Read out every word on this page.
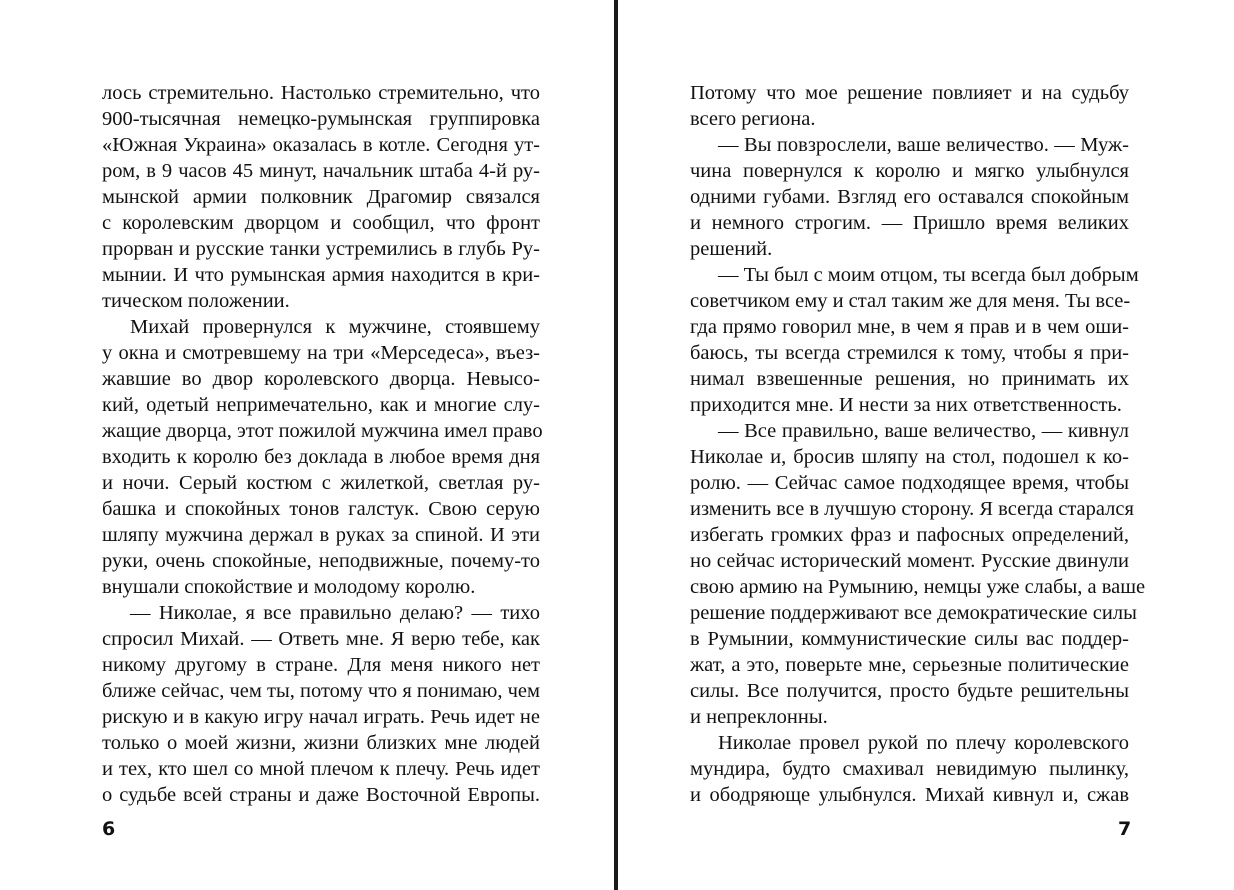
лось стремительно. Настолько стремительно, что
900-тысячная немецко-румынская группировка
«Южная Украина» оказалась в котле. Сегодня ут-
ром, в 9 часов 45 минут, начальник штаба 4-й ру-
мынской армии полковник Драгомир связался
с королевским дворцом и сообщил, что фронт
прорван и русские танки устремились в глубь Ру-
мынии. И что румынская армия находится в кри-
тическом положении.
Михай провернулся к мужчине, стоявшему
у окна и смотревшему на три «Мерседеса», въез-
жавшие во двор королевского дворца. Невысо-
кий, одетый непримечательно, как и многие слу-
жащие дворца, этот пожилой мужчина имел право
входить к королю без доклада в любое время дня
и ночи. Серый костюм с жилеткой, светлая ру-
башка и спокойных тонов галстук. Свою серую
шляпу мужчина держал в руках за спиной. И эти
руки, очень спокойные, неподвижные, почему-то
внушали спокойствие и молодому королю.
— Николае, я все правильно делаю? — тихо
спросил Михай. — Ответь мне. Я верю тебе, как
никому другому в стране. Для меня никого нет
ближе сейчас, чем ты, потому что я понимаю, чем
рискую и в какую игру начал играть. Речь идет не
только о моей жизни, жизни близких мне людей
и тех, кто шел со мной плечом к плечу. Речь идет
о судьбе всей страны и даже Восточной Европы.
6
Потому что мое решение повлияет и на судьбу
всего региона.
— Вы повзрослели, ваше величество. — Муж-
чина повернулся к королю и мягко улыбнулся
одними губами. Взгляд его оставался спокойным
и немного строгим. — Пришло время великих
решений.
— Ты был с моим отцом, ты всегда был добрым
советчиком ему и стал таким же для меня. Ты все-
гда прямо говорил мне, в чем я прав и в чем оши-
баюсь, ты всегда стремился к тому, чтобы я при-
нимал взвешенные решения, но принимать их
приходится мне. И нести за них ответственность.
— Все правильно, ваше величество, — кивнул
Николае и, бросив шляпу на стол, подошел к ко-
ролю. — Сейчас самое подходящее время, чтобы
изменить все в лучшую сторону. Я всегда старался
избегать громких фраз и пафосных определений,
но сейчас исторический момент. Русские двинули
свою армию на Румынию, немцы уже слабы, а ваше
решение поддерживают все демократические силы
в Румынии, коммунистические силы вас поддер-
жат, а это, поверьте мне, серьезные политические
силы. Все получится, просто будьте решительны
и непреклонны.
Николае провел рукой по плечу королевского
мундира, будто смахивал невидимую пылинку,
и ободряюще улыбнулся. Михай кивнул и, сжав
7
